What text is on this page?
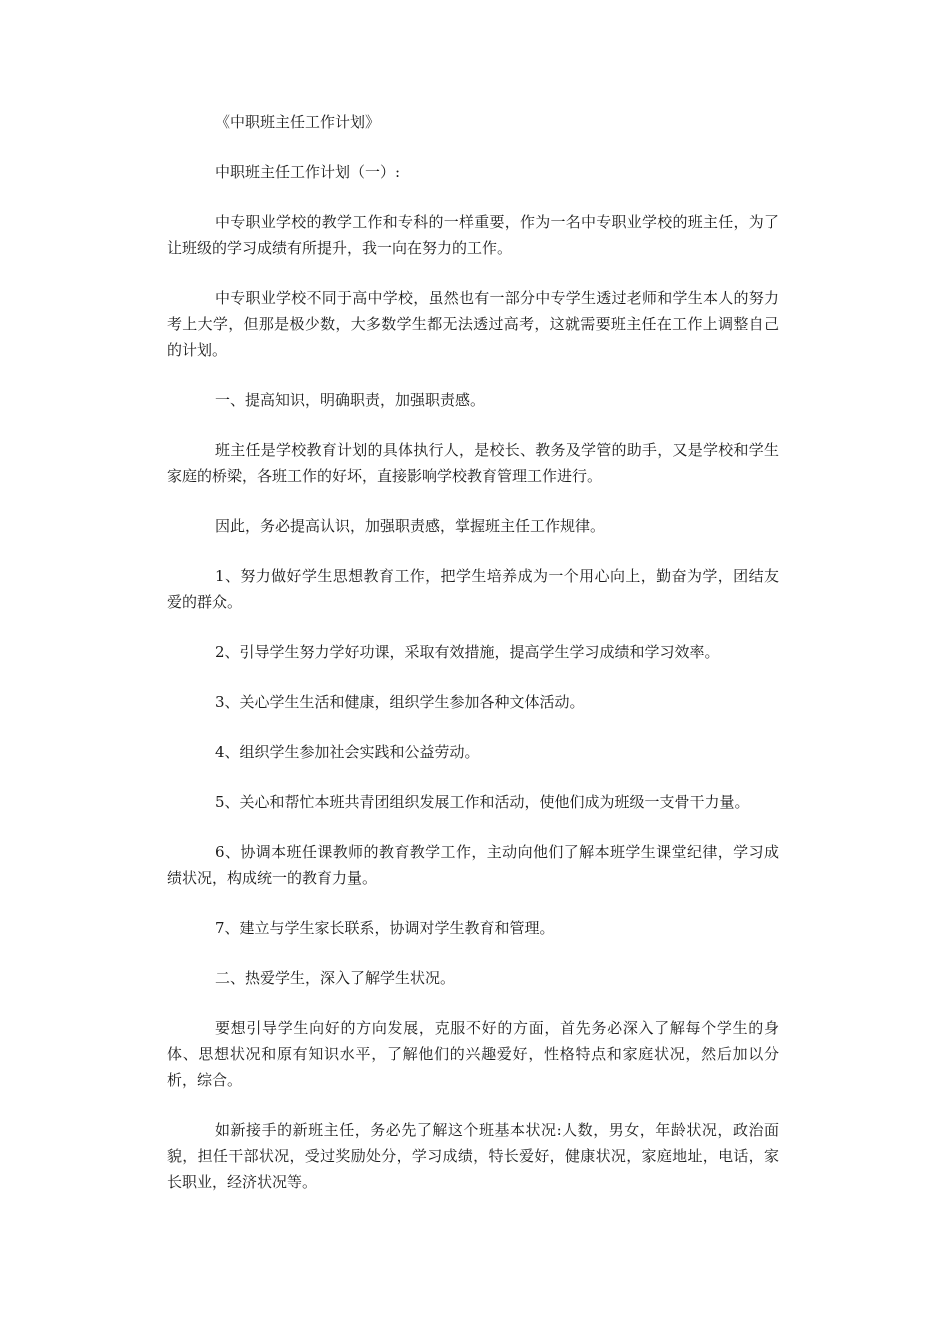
《中职班主任工作计划》

中职班主任工作计划（一）:

中专职业学校的教学工作和专科的一样重要，作为一名中专职业学校的班主任，为了让班级的学习成绩有所提升，我一向在努力的工作。

中专职业学校不同于高中学校，虽然也有一部分中专学生透过老师和学生本人的努力考上大学，但那是极少数，大多数学生都无法透过高考，这就需要班主任在工作上调整自己的计划。

一、提高知识，明确职责，加强职责感。

班主任是学校教育计划的具体执行人，是校长、教务及学管的助手，又是学校和学生家庭的桥梁，各班工作的好坏，直接影响学校教育管理工作进行。

因此，务必提高认识，加强职责感，掌握班主任工作规律。

1、努力做好学生思想教育工作，把学生培养成为一个用心向上，勤奋为学，团结友爱的群众。

2、引导学生努力学好功课，采取有效措施，提高学生学习成绩和学习效率。

3、关心学生生活和健康，组织学生参加各种文体活动。

4、组织学生参加社会实践和公益劳动。

5、关心和帮忙本班共青团组织发展工作和活动，使他们成为班级一支骨干力量。

6、协调本班任课教师的教育教学工作，主动向他们了解本班学生课堂纪律，学习成绩状况，构成统一的教育力量。

7、建立与学生家长联系，协调对学生教育和管理。

二、热爱学生，深入了解学生状况。

要想引导学生向好的方向发展，克服不好的方面，首先务必深入了解每个学生的身体、思想状况和原有知识水平，了解他们的兴趣爱好，性格特点和家庭状况，然后加以分析，综合。

如新接手的新班主任，务必先了解这个班基本状况:人数，男女，年龄状况，政治面貌，担任干部状况，受过奖励处分，学习成绩，特长爱好，健康状况，家庭地址，电话，家长职业，经济状况等。
